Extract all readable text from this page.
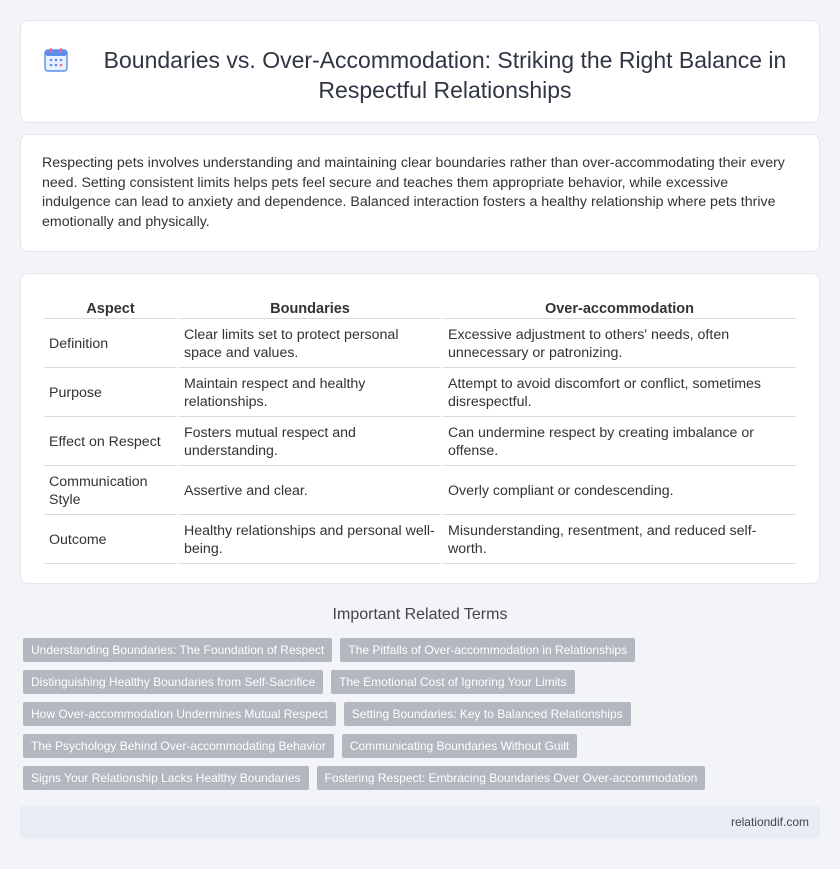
Boundaries vs. Over-Accommodation: Striking the Right Balance in Respectful Relationships

Respecting pets involves understanding and maintaining clear boundaries rather than over-accommodating their every need. Setting consistent limits helps pets feel secure and teaches them appropriate behavior, while excessive indulgence can lead to anxiety and dependence. Balanced interaction fosters a healthy relationship where pets thrive emotionally and physically.

Aspect	Boundaries	Over-accommodation
Definition	Clear limits set to protect personal space and values.	Excessive adjustment to others' needs, often unnecessary or patronizing.
Purpose	Maintain respect and healthy relationships.	Attempt to avoid discomfort or conflict, sometimes disrespectful.
Effect on Respect	Fosters mutual respect and understanding.	Can undermine respect by creating imbalance or offense.
Communication Style	Assertive and clear.	Overly compliant or condescending.
Outcome	Healthy relationships and personal well-being.	Misunderstanding, resentment, and reduced self-worth.
Important Related Terms
Understanding Boundaries: The Foundation of Respect	The Pitfalls of Over-accommodation in Relationships
Distinguishing Healthy Boundaries from Self-Sacrifice	The Emotional Cost of Ignoring Your Limits
How Over-accommodation Undermines Mutual Respect	Setting Boundaries: Key to Balanced Relationships
The Psychology Behind Over-accommodating Behavior	Communicating Boundaries Without Guilt
Signs Your Relationship Lacks Healthy Boundaries	Fostering Respect: Embracing Boundaries Over Over-accommodation
relationdif.com
